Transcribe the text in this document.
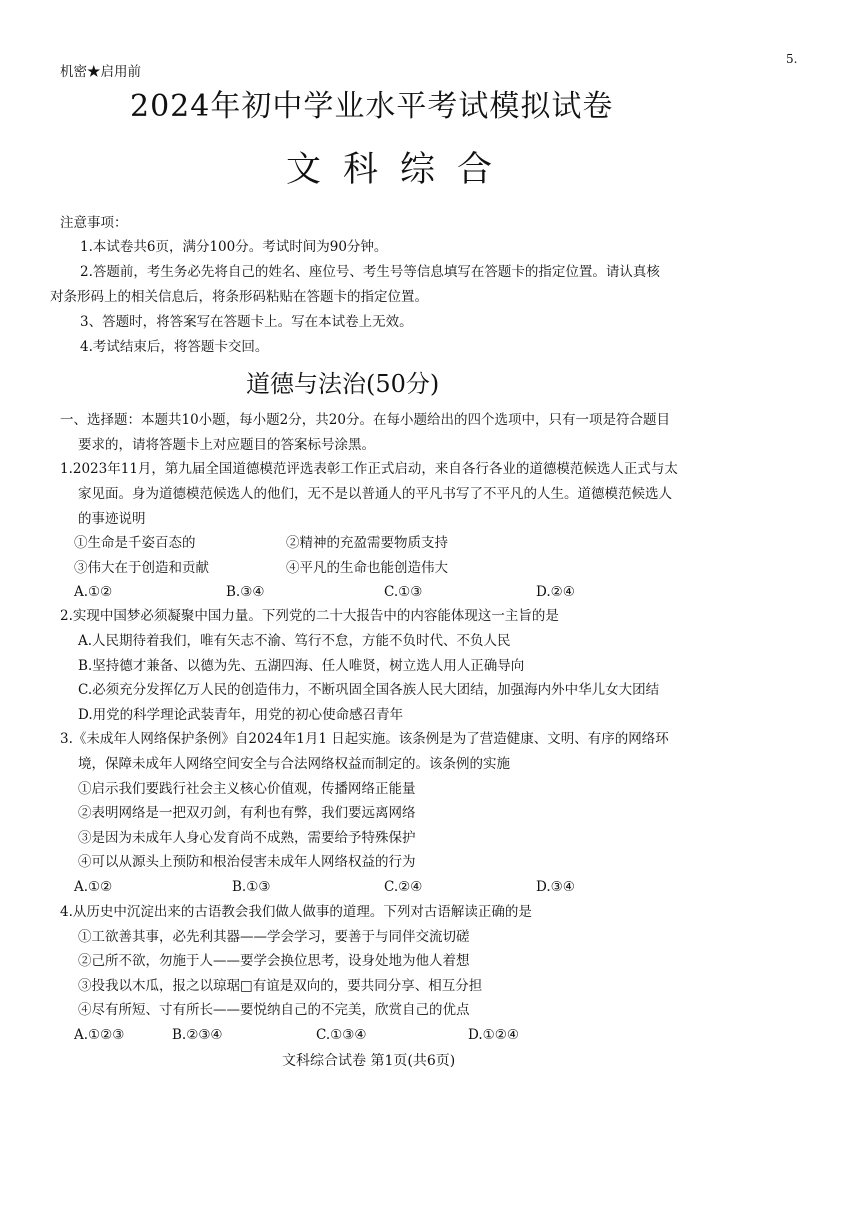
机密★启用前
5.
2024年初中学业水平考试模拟试卷
文科综合
注意事项：
1.本试卷共6页，满分100分。考试时间为90分钟。
2.答题前，考生务必先将自己的姓名、座位号、考生号等信息填写在答题卡的指定位置。请认真核
对条形码上的相关信息后，将条形码粘贴在答题卡的指定位置。
3、答题时，将答案写在答题卡上。写在本试卷上无效。
4.考试结束后，将答题卡交回。
道德与法治(50分)
一、选择题：本题共10小题，每小题2分，共20分。在每小题给出的四个选项中，只有一项是符合题目
要求的，请将答题卡上对应题目的答案标号涂黑。
1.2023年11月，第九届全国道德模范评选表彰工作正式启动，来自各行各业的道德模范候选人正式与太
家见面。身为道德模范候选人的他们，无不是以普通人的平凡书写了不平凡的人生。道德模范候选人
的事迹说明
①生命是千姿百态的	②精神的充盈需要物质支持
③伟大在于创造和贡献	④平凡的生命也能创造伟大
A.①②	B.③④	C.①③	D.②④
2.实现中国梦必须凝聚中国力量。下列党的二十大报告中的内容能体现这一主旨的是
A.人民期待着我们，唯有矢志不渝、笃行不怠，方能不负时代、不负人民
B.坚持德才兼备、以德为先、五湖四海、任人唯贤，树立选人用人正确导向
C.必须充分发挥亿万人民的创造伟力，不断巩固全国各族人民大团结，加强海内外中华儿女大团结
D.用党的科学理论武装青年，用党的初心使命感召青年
3.《未成年人网络保护条例》自2024年1月1 日起实施。该条例是为了营造健康、文明、有序的网络环
境，保障未成年人网络空间安全与合法网络权益而制定的。该条例的实施
①启示我们要践行社会主义核心价值观，传播网络正能量
②表明网络是一把双刃剑，有利也有弊，我们要远离网络
③是因为未成年人身心发育尚不成熟，需要给予特殊保护
④可以从源头上预防和根治侵害未成年人网络权益的行为
A.①②	B.①③	C.②④	D.③④
4.从历史中沉淀出来的古语教会我们做人做事的道理。下列对古语解读正确的是
①工欲善其事，必先利其器——学会学习，要善于与同伴交流切磋
②己所不欲，勿施于人——要学会换位思考，设身处地为他人着想
③投我以木瓜，报之以琼琚□有谊是双向的，要共同分享、相互分担
④尽有所短、寸有所长——要悦纳自己的不完美，欣赏自己的优点
A.①②③	B.②③④	C.①③④	D.①②④
文科综合试卷 第1页(共6页)
